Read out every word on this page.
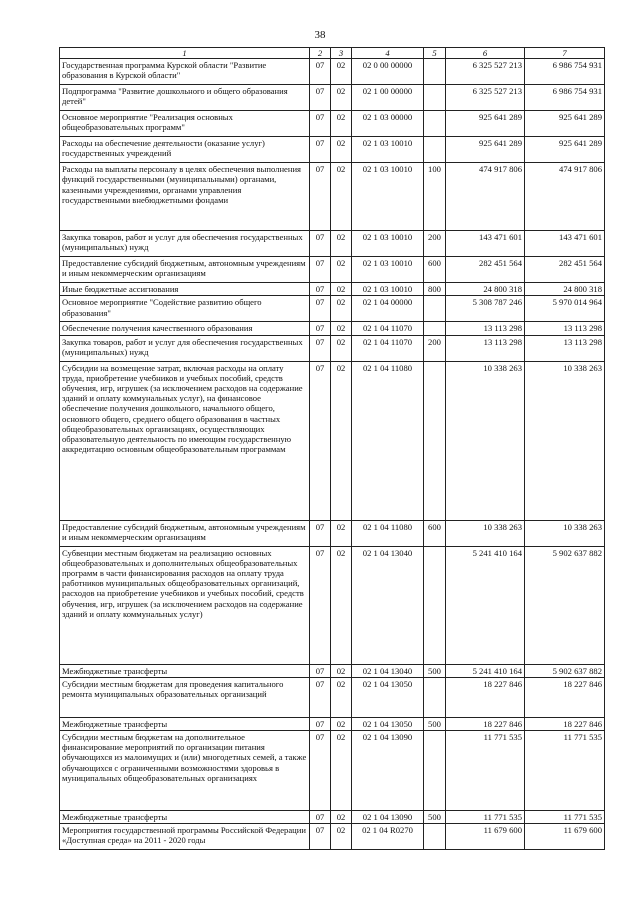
38
1	2	3	4	5	6	7
Государственная программа Курской области "Развитие образования в Курской области"	07	02	02 0 00 00000		6 325 527 213	6 986 754 931
Подпрограмма "Развитие дошкольного и общего образования детей"	07	02	02 1 00 00000		6 325 527 213	6 986 754 931
Основное мероприятие "Реализация основных общеобразовательных программ"	07	02	02 1 03 00000		925 641 289	925 641 289
Расходы на обеспечение деятельности (оказание услуг) государственных учреждений	07	02	02 1 03 10010		925 641 289	925 641 289
Расходы на выплаты персоналу в целях обеспечения выполнения функций государственными (муниципальными) органами, казенными учреждениями, органами управления государственными внебюджетными фондами	07	02	02 1 03 10010	100	474 917 806	474 917 806
Закупка товаров, работ и услуг для обеспечения государственных (муниципальных) нужд	07	02	02 1 03 10010	200	143 471 601	143 471 601
Предоставление субсидий бюджетным, автономным учреждениям и иным некоммерческим организациям	07	02	02 1 03 10010	600	282 451 564	282 451 564
Иные бюджетные ассигнования	07	02	02 1 03 10010	800	24 800 318	24 800 318
Основное мероприятие "Содействие развитию общего образования"	07	02	02 1 04 00000		5 308 787 246	5 970 014 964
Обеспечение получения качественного образования	07	02	02 1 04 11070		13 113 298	13 113 298
Закупка товаров, работ и услуг для обеспечения государственных (муниципальных) нужд	07	02	02 1 04 11070	200	13 113 298	13 113 298
Субсидии на возмещение затрат, включая расходы на оплату труда, приобретение учебников и учебных пособий, средств обучения, игр, игрушек (за исключением расходов на содержание зданий и оплату коммунальных услуг), на финансовое обеспечение получения дошкольного, начального общего, основного общего, среднего общего образования в частных общеобразовательных организациях, осуществляющих образовательную деятельность по имеющим государственную аккредитацию основным общеобразовательным программам	07	02	02 1 04 11080		10 338 263	10 338 263
Предоставление субсидий бюджетным, автономным учреждениям и иным некоммерческим организациям	07	02	02 1 04 11080	600	10 338 263	10 338 263
Субвенции местным бюджетам на реализацию основных общеобразовательных и дополнительных общеобразовательных программ в части финансирования расходов на оплату труда работников муниципальных общеобразовательных организаций, расходов на приобретение учебников и учебных пособий, средств обучения, игр, игрушек (за исключением расходов на содержание зданий и оплату коммунальных услуг)	07	02	02 1 04 13040		5 241 410 164	5 902 637 882
Межбюджетные трансферты	07	02	02 1 04 13040	500	5 241 410 164	5 902 637 882
Субсидии местным бюджетам для проведения капитального ремонта муниципальных образовательных организаций	07	02	02 1 04 13050		18 227 846	18 227 846
Межбюджетные трансферты	07	02	02 1 04 13050	500	18 227 846	18 227 846
Субсидии местным бюджетам на дополнительное финансирование мероприятий по организации питания обучающихся из малоимущих и (или) многодетных семей, а также обучающихся с ограниченными возможностями здоровья в муниципальных общеобразовательных организациях	07	02	02 1 04 13090		11 771 535	11 771 535
Межбюджетные трансферты	07	02	02 1 04 13090	500	11 771 535	11 771 535
Мероприятия государственной программы Российской Федерации «Доступная среда» на 2011 - 2020 годы	07	02	02 1 04 R0270		11 679 600	11 679 600
